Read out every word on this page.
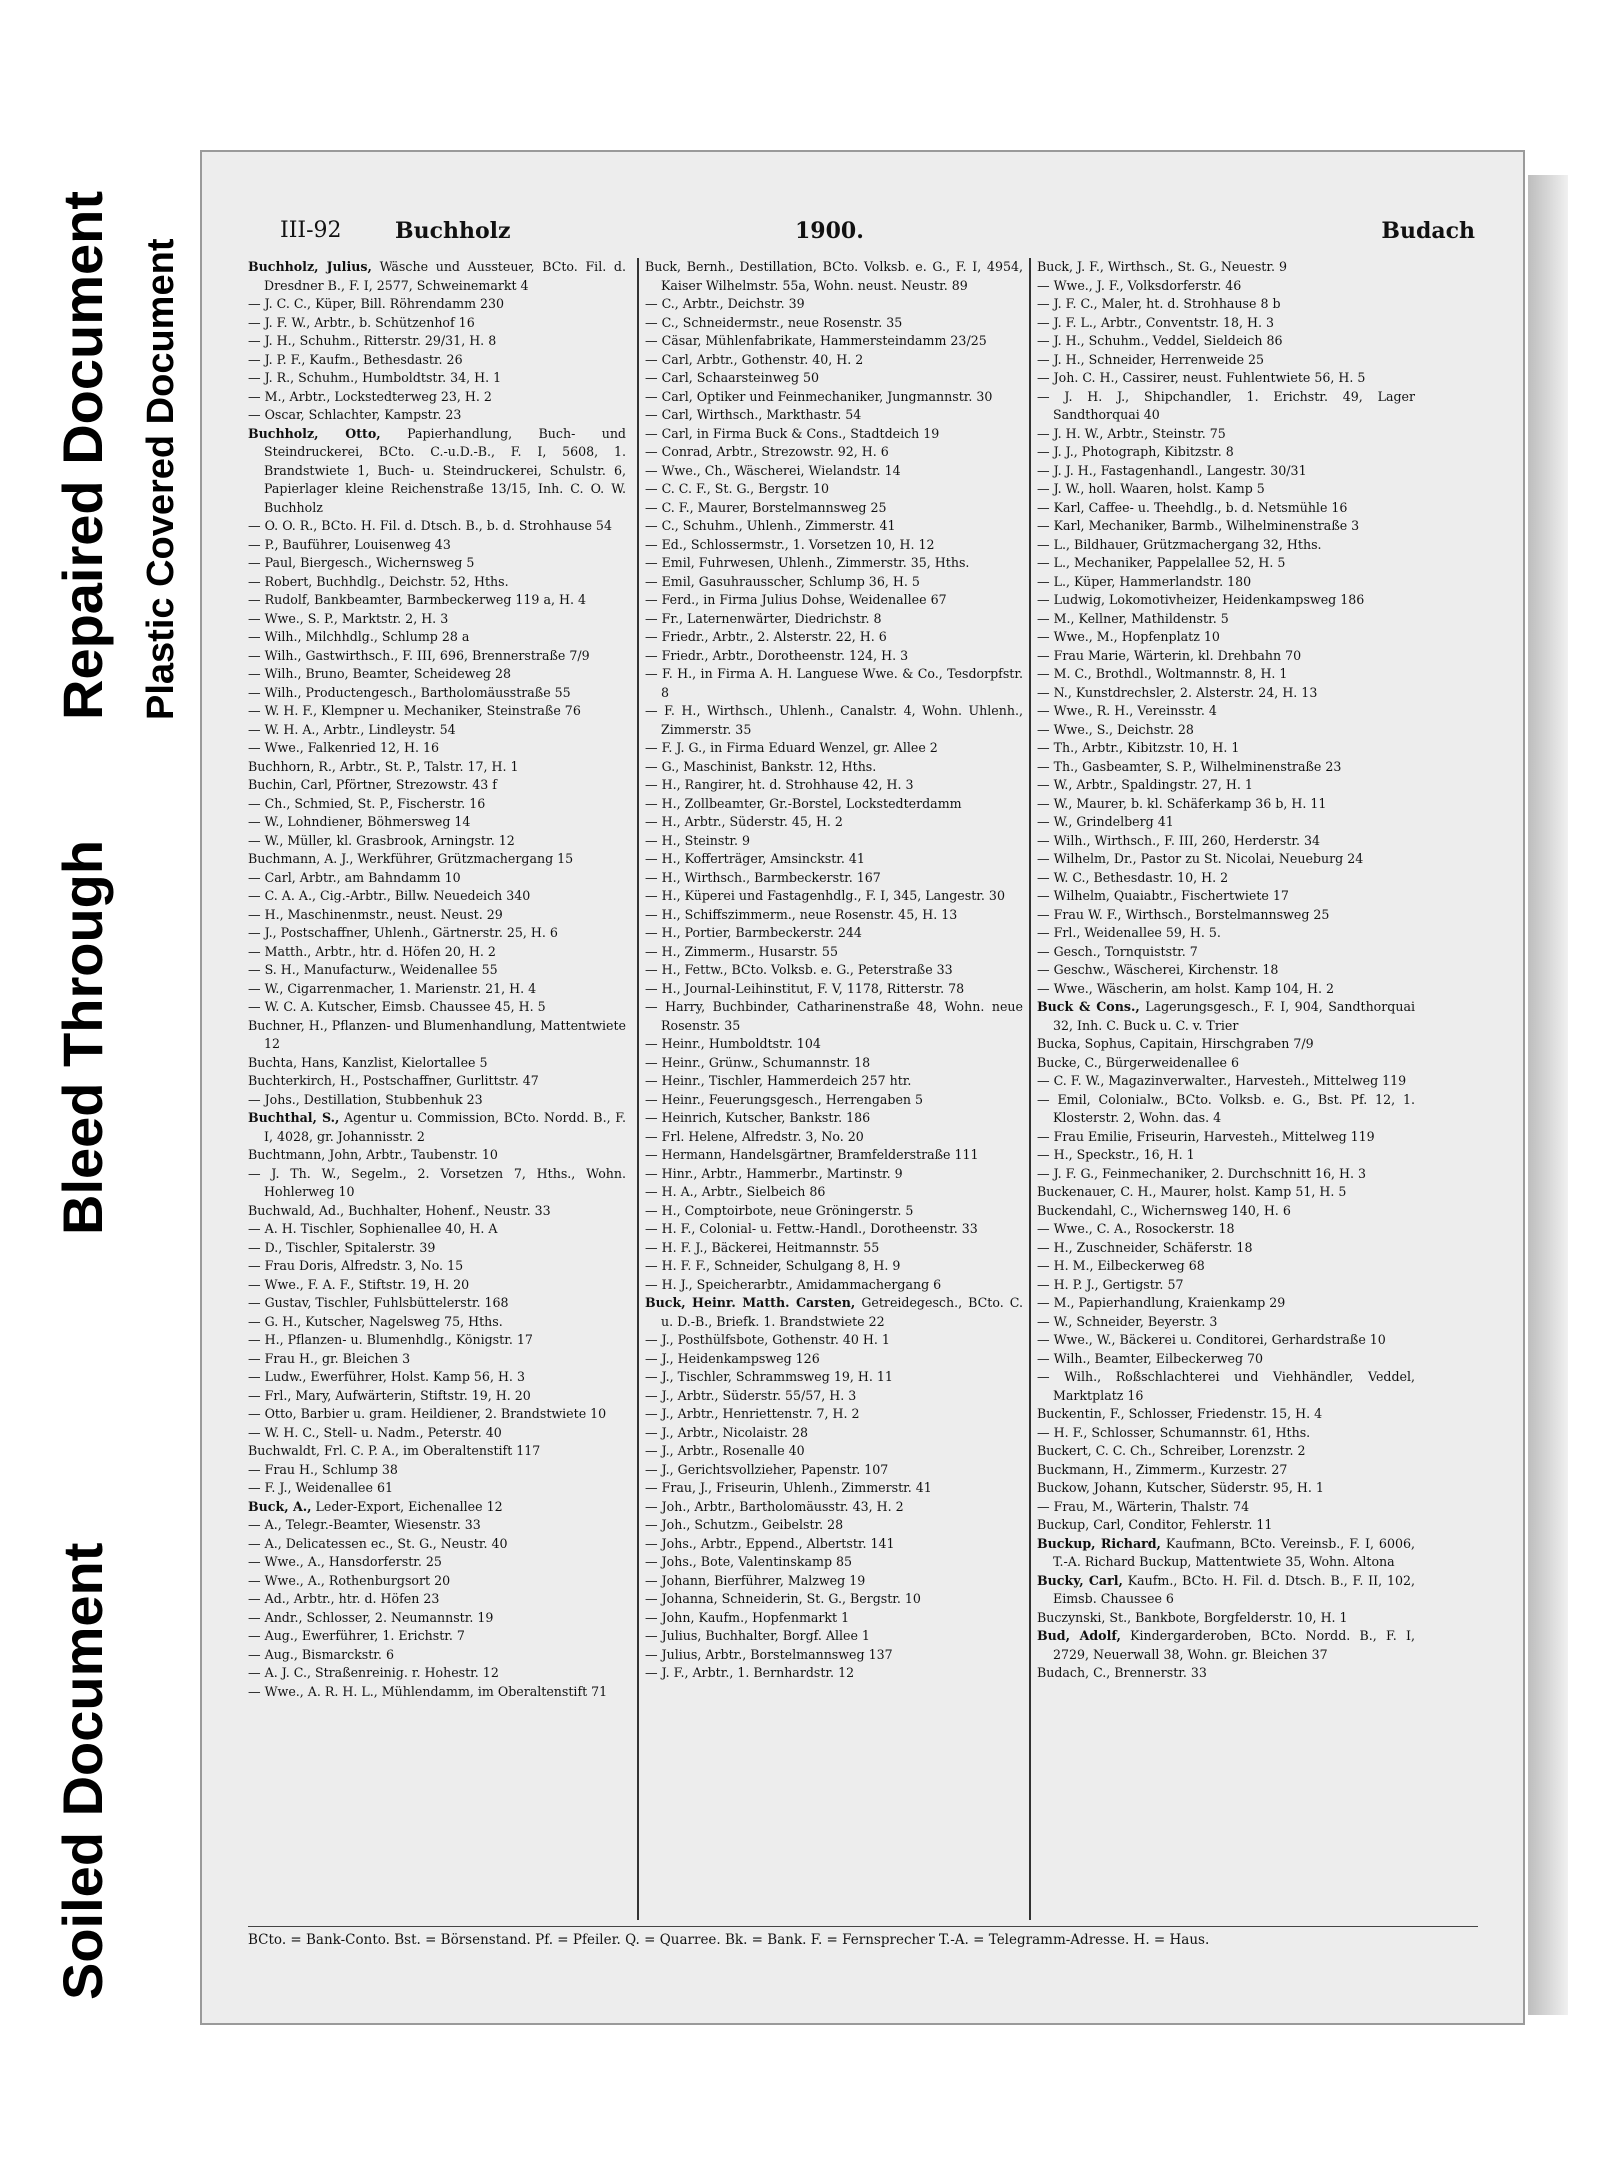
Soiled Document
Bleed Through
Repaired Document Plastic Covered Document
III-92 Buchholz	1900.	Budach

Buchholz, Julius, Wäsche und Aussteuer, BCto. Fil. d. Dresdner B., F. I, 2577, Schweinemarkt 4

— J. C. C., Küper, Bill. Röhrendamm 230

— J. F. W., Arbtr., b. Schützenhof 16

— J. H., Schuhm., Ritterstr. 29/31, H. 8

— J. P. F., Kaufm., Bethesdastr. 26

— J. R., Schuhm., Humboldtstr. 34, H. 1

— M., Arbtr., Lockstedterweg 23, H. 2

— Oscar, Schlachter, Kampstr. 23

Buchholz, Otto, Papierhandlung, Buch- und Steindruckerei, BCto. C.-u.D.-B., F. I, 5608, 1. Brandstwiete 1, Buch- u. Steindruckerei, Schulstr. 6, Papierlager kleine Reichenstraße 13/15, Inh. C. O. W. Buchholz

— O. O. R., BCto. H. Fil. d. Dtsch. B., b. d. Strohhause 54

— P., Bauführer, Louisenweg 43

— Paul, Biergesch., Wichernsweg 5

— Robert, Buchhdlg., Deichstr. 52, Hths.

— Rudolf, Bankbeamter, Barmbeckerweg 119 a, H. 4

— Wwe., S. P., Marktstr. 2, H. 3

— Wilh., Milchhdlg., Schlump 28 a

— Wilh., Gastwirthsch., F. III, 696, Brennerstraße 7/9

— Wilh., Bruno, Beamter, Scheideweg 28

— Wilh., Productengesch., Bartholomäusstraße 55

— W. H. F., Klempner u. Mechaniker, Steinstraße 76

— W. H. A., Arbtr., Lindleystr. 54

— Wwe., Falkenried 12, H. 16

Buchhorn, R., Arbtr., St. P., Talstr. 17, H. 1

Buchin, Carl, Pförtner, Strezowstr. 43 f

— Ch., Schmied, St. P., Fischerstr. 16

— W., Lohndiener, Böhmersweg 14

— W., Müller, kl. Grasbrook, Arningstr. 12

Buchmann, A. J., Werkführer, Grützmachergang 15

— Carl, Arbtr., am Bahndamm 10

— C. A. A., Cig.-Arbtr., Billw. Neuedeich 340

— H., Maschinenmstr., neust. Neust. 29

— J., Postschaffner, Uhlenh., Gärtnerstr. 25, H. 6

— Matth., Arbtr., htr. d. Höfen 20, H. 2

— S. H., Manufacturw., Weidenallee 55

— W., Cigarrenmacher, 1. Marienstr. 21, H. 4

— W. C. A. Kutscher, Eimsb. Chaussee 45, H. 5

Buchner, H., Pflanzen- und Blumenhandlung, Mattentwiete 12

Buchta, Hans, Kanzlist, Kielortallee 5

Buchterkirch, H., Postschaffner, Gurlittstr. 47

— Johs., Destillation, Stubbenhuk 23

Buchthal, S., Agentur u. Commission, BCto. Nordd. B., F. I, 4028, gr. Johannisstr. 2

Buchtmann, John, Arbtr., Taubenstr. 10

— J. Th. W., Segelm., 2. Vorsetzen 7, Hths., Wohn. Hohlerweg 10

Buchwald, Ad., Buchhalter, Hohenf., Neustr. 33

— A. H. Tischler, Sophienallee 40, H. A

— D., Tischler, Spitalerstr. 39

— Frau Doris, Alfredstr. 3, No. 15

— Wwe., F. A. F., Stiftstr. 19, H. 20

— Gustav, Tischler, Fuhlsbüttelerstr. 168

— G. H., Kutscher, Nagelsweg 75, Hths.

— H., Pflanzen- u. Blumenhdlg., Königstr. 17

— Frau H., gr. Bleichen 3

— Ludw., Ewerführer, Holst. Kamp 56, H. 3

— Frl., Mary, Aufwärterin, Stiftstr. 19, H. 20

— Otto, Barbier u. gram. Heildiener, 2. Brandstwiete 10

— W. H. C., Stell- u. Nadm., Peterstr. 40

Buchwaldt, Frl. C. P. A., im Oberaltenstift 117

— Frau H., Schlump 38

— F. J., Weidenallee 61

Buck, A., Leder-Export, Eichenallee 12

— A., Telegr.-Beamter, Wiesenstr. 33

— A., Delicatessen ec., St. G., Neustr. 40

— Wwe., A., Hansdorferstr. 25

— Wwe., A., Rothenburgsort 20

— Ad., Arbtr., htr. d. Höfen 23

— Andr., Schlosser, 2. Neumannstr. 19

— Aug., Ewerführer, 1. Erichstr. 7

— Aug., Bismarckstr. 6

— A. J. C., Straßenreinig. r. Hohestr. 12

— Wwe., A. R. H. L., Mühlendamm, im Oberaltenstift 71

Buck, Bernh., Destillation, BCto. Volksb. e. G., F. I, 4954, Kaiser Wilhelmstr. 55a, Wohn. neust. Neustr. 89

— C., Arbtr., Deichstr. 39

— C., Schneidermstr., neue Rosenstr. 35

— Cäsar, Mühlenfabrikate, Hammersteindamm 23/25

— Carl, Arbtr., Gothenstr. 40, H. 2

— Carl, Schaarsteinweg 50

— Carl, Optiker und Feinmechaniker, Jungmannstr. 30

— Carl, Wirthsch., Markthastr. 54

— Carl, in Firma Buck & Cons., Stadtdeich 19

— Conrad, Arbtr., Strezowstr. 92, H. 6

— Wwe., Ch., Wäscherei, Wielandstr. 14

— C. C. F., St. G., Bergstr. 10

— C. F., Maurer, Borstelmannsweg 25

— C., Schuhm., Uhlenh., Zimmerstr. 41

— Ed., Schlossermstr., 1. Vorsetzen 10, H. 12

— Emil, Fuhrwesen, Uhlenh., Zimmerstr. 35, Hths.

— Emil, Gasuhrausscher, Schlump 36, H. 5

— Ferd., in Firma Julius Dohse, Weidenallee 67

— Fr., Laternenwärter, Diedrichstr. 8

— Friedr., Arbtr., 2. Alsterstr. 22, H. 6

— Friedr., Arbtr., Dorotheenstr. 124, H. 3

— F. H., in Firma A. H. Languese Wwe. & Co., Tesdorpfstr. 8

— F. H., Wirthsch., Uhlenh., Canalstr. 4, Wohn. Uhlenh., Zimmerstr. 35

— F. J. G., in Firma Eduard Wenzel, gr. Allee 2

— G., Maschinist, Bankstr. 12, Hths.

— H., Rangirer, ht. d. Strohhause 42, H. 3

— H., Zollbeamter, Gr.-Borstel, Lockstedterdamm

— H., Arbtr., Süderstr. 45, H. 2

— H., Steinstr. 9

— H., Kofferträger, Amsinckstr. 41

— H., Wirthsch., Barmbeckerstr. 167

— H., Küperei und Fastagenhdlg., F. I, 345, Langestr. 30

— H., Schiffszimmerm., neue Rosenstr. 45, H. 13

— H., Portier, Barmbeckerstr. 244

— H., Zimmerm., Husarstr. 55

— H., Fettw., BCto. Volksb. e. G., Peterstraße 33

— H., Journal-Leihinstitut, F. V, 1178, Ritterstr. 78

— Harry, Buchbinder, Catharinenstraße 48, Wohn. neue Rosenstr. 35

— Heinr., Humboldtstr. 104

— Heinr., Grünw., Schumannstr. 18

— Heinr., Tischler, Hammerdeich 257 htr.

— Heinr., Feuerungsgesch., Herrengaben 5

— Heinrich, Kutscher, Bankstr. 186

— Frl. Helene, Alfredstr. 3, No. 20

— Hermann, Handelsgärtner, Bramfelderstraße 111

— Hinr., Arbtr., Hammerbr., Martinstr. 9

— H. A., Arbtr., Sielbeich 86

— H., Comptoirbote, neue Gröningerstr. 5

— H. F., Colonial- u. Fettw.-Handl., Dorotheenstr. 33

— H. F. J., Bäckerei, Heitmannstr. 55

— H. F. F., Schneider, Schulgang 8, H. 9

— H. J., Speicherarbtr., Amidammachergang 6

Buck, Heinr. Matth. Carsten, Getreidegesch., BCto. C. u. D.-B., Briefk. 1. Brandstwiete 22

— J., Posthülfsbote, Gothenstr. 40 H. 1

— J., Heidenkampsweg 126

— J., Tischler, Schrammsweg 19, H. 11

— J., Arbtr., Süderstr. 55/57, H. 3

— J., Arbtr., Henriettenstr. 7, H. 2

— J., Arbtr., Nicolaistr. 28

— J., Arbtr., Rosenalle 40

— J., Gerichtsvollzieher, Papenstr. 107

— Frau, J., Friseurin, Uhlenh., Zimmerstr. 41

— Joh., Arbtr., Bartholomäusstr. 43, H. 2

— Joh., Schutzm., Geibelstr. 28

— Johs., Arbtr., Eppend., Albertstr. 141

— Johs., Bote, Valentinskamp 85

— Johann, Bierführer, Malzweg 19

— Johanna, Schneiderin, St. G., Bergstr. 10

— John, Kaufm., Hopfenmarkt 1

— Julius, Buchhalter, Borgf. Allee 1

— Julius, Arbtr., Borstelmannsweg 137

— J. F., Arbtr., 1. Bernhardstr. 12

Buck, J. F., Wirthsch., St. G., Neuestr. 9

— Wwe., J. F., Volksdorferstr. 46

— J. F. C., Maler, ht. d. Strohhause 8 b

— J. F. L., Arbtr., Conventstr. 18, H. 3

— J. H., Schuhm., Veddel, Sieldeich 86

— J. H., Schneider, Herrenweide 25

— Joh. C. H., Cassirer, neust. Fuhlentwiete 56, H. 5

— J. H. J., Shipchandler, 1. Erichstr. 49, Lager Sandthorquai 40

— J. H. W., Arbtr., Steinstr. 75

— J. J., Photograph, Kibitzstr. 8

— J. J. H., Fastagenhandl., Langestr. 30/31

— J. W., holl. Waaren, holst. Kamp 5

— Karl, Caffee- u. Theehdlg., b. d. Netsmühle 16

— Karl, Mechaniker, Barmb., Wilhelminenstraße 3

— L., Bildhauer, Grützmachergang 32, Hths.

— L., Mechaniker, Pappelallee 52, H. 5

— L., Küper, Hammerlandstr. 180

— Ludwig, Lokomotivheizer, Heidenkampsweg 186

— M., Kellner, Mathildenstr. 5

— Wwe., M., Hopfenplatz 10

— Frau Marie, Wärterin, kl. Drehbahn 70

— M. C., Brothdl., Woltmannstr. 8, H. 1

— N., Kunstdrechsler, 2. Alsterstr. 24, H. 13

— Wwe., R. H., Vereinsstr. 4

— Wwe., S., Deichstr. 28

— Th., Arbtr., Kibitzstr. 10, H. 1

— Th., Gasbeamter, S. P., Wilhelminenstraße 23

— W., Arbtr., Spaldingstr. 27, H. 1

— W., Maurer, b. kl. Schäferkamp 36 b, H. 11

— W., Grindelberg 41

— Wilh., Wirthsch., F. III, 260, Herderstr. 34

— Wilhelm, Dr., Pastor zu St. Nicolai, Neueburg 24

— W. C., Bethesdastr. 10, H. 2

— Wilhelm, Quaiabtr., Fischertwiete 17

— Frau W. F., Wirthsch., Borstelmannsweg 25

— Frl., Weidenallee 59, H. 5.

— Gesch., Tornquiststr. 7

— Geschw., Wäscherei, Kirchenstr. 18

— Wwe., Wäscherin, am holst. Kamp 104, H. 2

Buck & Cons., Lagerungsgesch., F. I, 904, Sandthorquai 32, Inh. C. Buck u. C. v. Trier

Bucka, Sophus, Capitain, Hirschgraben 7/9

Bucke, C., Bürgerweidenallee 6

— C. F. W., Magazinverwalter., Harvesteh., Mittelweg 119

— Emil, Colonialw., BCto. Volksb. e. G., Bst. Pf. 12, 1. Klosterstr. 2, Wohn. das. 4

— Frau Emilie, Friseurin, Harvesteh., Mittelweg 119

— H., Speckstr., 16, H. 1

— J. F. G., Feinmechaniker, 2. Durchschnitt 16, H. 3

Buckenauer, C. H., Maurer, holst. Kamp 51, H. 5

Buckendahl, C., Wichernsweg 140, H. 6

— Wwe., C. A., Rosockerstr. 18

— H., Zuschneider, Schäferstr. 18

— H. M., Eilbeckerweg 68

— H. P. J., Gertigstr. 57

— M., Papierhandlung, Kraienkamp 29

— W., Schneider, Beyerstr. 3

— Wwe., W., Bäckerei u. Conditorei, Gerhardstraße 10

— Wilh., Beamter, Eilbeckerweg 70

— Wilh., Roßschlachterei und Viehhändler, Veddel, Marktplatz 16

Buckentin, F., Schlosser, Friedenstr. 15, H. 4

— H. F., Schlosser, Schumannstr. 61, Hths.

Buckert, C. C. Ch., Schreiber, Lorenzstr. 2

Buckmann, H., Zimmerm., Kurzestr. 27

Buckow, Johann, Kutscher, Süderstr. 95, H. 1

— Frau, M., Wärterin, Thalstr. 74

Buckup, Carl, Conditor, Fehlerstr. 11

Buckup, Richard, Kaufmann, BCto. Vereinsb., F. I, 6006, T.-A. Richard Buckup, Mattentwiete 35, Wohn. Altona

Bucky, Carl, Kaufm., BCto. H. Fil. d. Dtsch. B., F. II, 102, Eimsb. Chaussee 6

Buczynski, St., Bankbote, Borgfelderstr. 10, H. 1

Bud, Adolf, Kindergarderoben, BCto. Nordd. B., F. I, 2729, Neuerwall 38, Wohn. gr. Bleichen 37

Budach, C., Brennerstr. 33

BCto. = Bank-Conto. Bst. = Börsenstand. Pf. = Pfeiler. Q. = Quarree. Bk. = Bank. F. = Fernsprecher T.-A. = Telegramm-Adresse. H. = Haus.
